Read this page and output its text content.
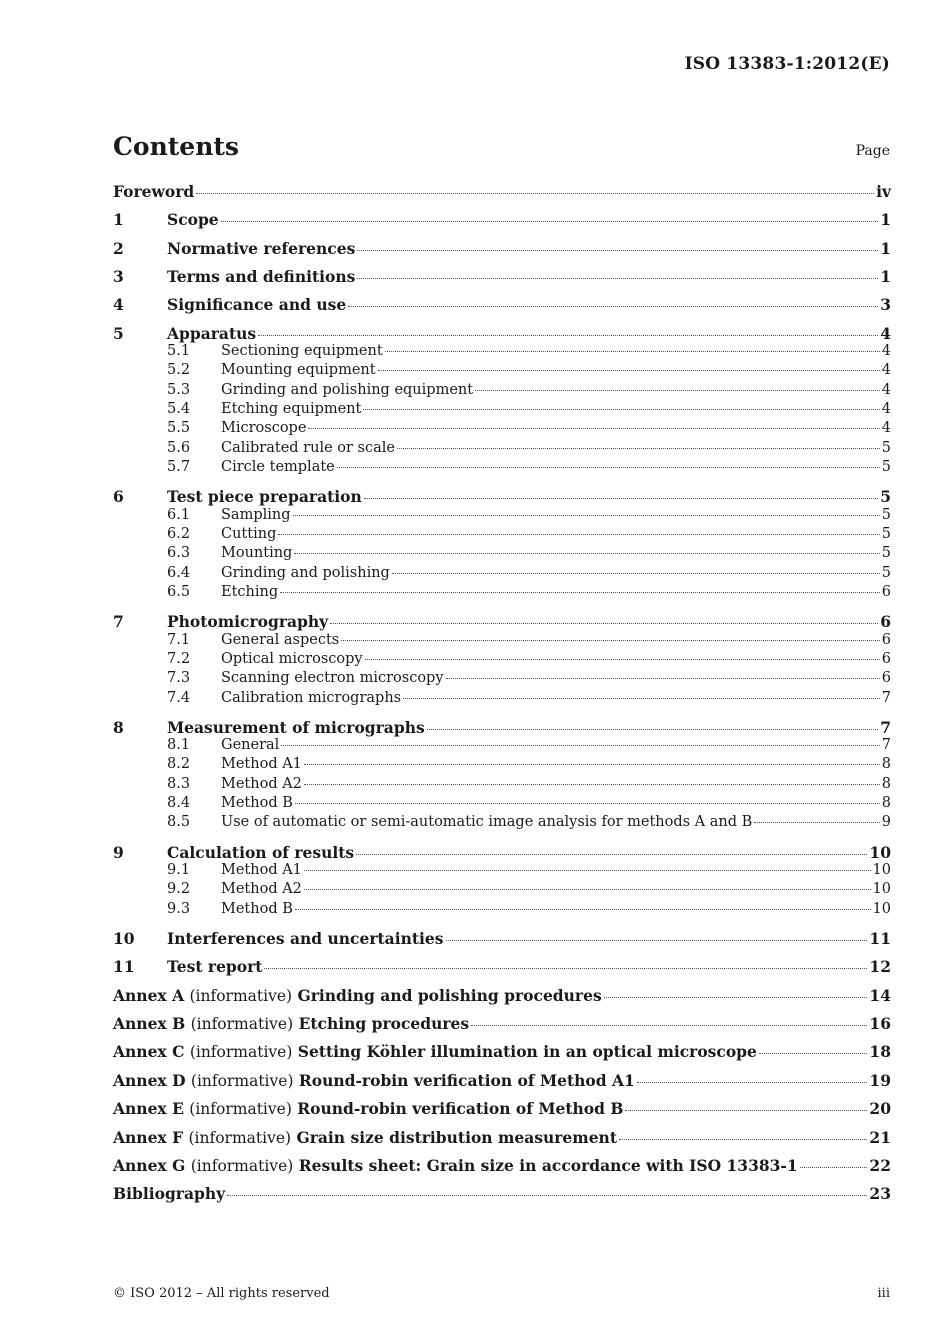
ISO 13383-1:2012(E)
Contents	Page
Foreword	iv
1	Scope	1
2	Normative references	1
3	Terms and definitions	1
4	Significance and use	3
5	Apparatus	4
5.1	Sectioning equipment	4
5.2	Mounting equipment	4
5.3	Grinding and polishing equipment	4
5.4	Etching equipment	4
5.5	Microscope	4
5.6	Calibrated rule or scale	5
5.7	Circle template	5
6	Test piece preparation	5
6.1	Sampling	5
6.2	Cutting	5
6.3	Mounting	5
6.4	Grinding and polishing	5
6.5	Etching	6
7	Photomicrography	6
7.1	General aspects	6
7.2	Optical microscopy	6
7.3	Scanning electron microscopy	6
7.4	Calibration micrographs	7
8	Measurement of micrographs	7
8.1	General	7
8.2	Method A1	8
8.3	Method A2	8
8.4	Method B	8
8.5	Use of automatic or semi-automatic image analysis for methods A and B	9
9	Calculation of results	10
9.1	Method A1	10
9.2	Method A2	10
9.3	Method B	10
10	Interferences and uncertainties	11
11	Test report	12
Annex A (informative) Grinding and polishing procedures	14
Annex B (informative) Etching procedures	16
Annex C (informative) Setting Köhler illumination in an optical microscope	18
Annex D (informative) Round-robin verification of Method A1	19
Annex E (informative) Round-robin verification of Method B	20
Annex F (informative) Grain size distribution measurement	21
Annex G (informative) Results sheet: Grain size in accordance with ISO 13383-1	22
Bibliography	23
© ISO 2012 – All rights reserved	iii
